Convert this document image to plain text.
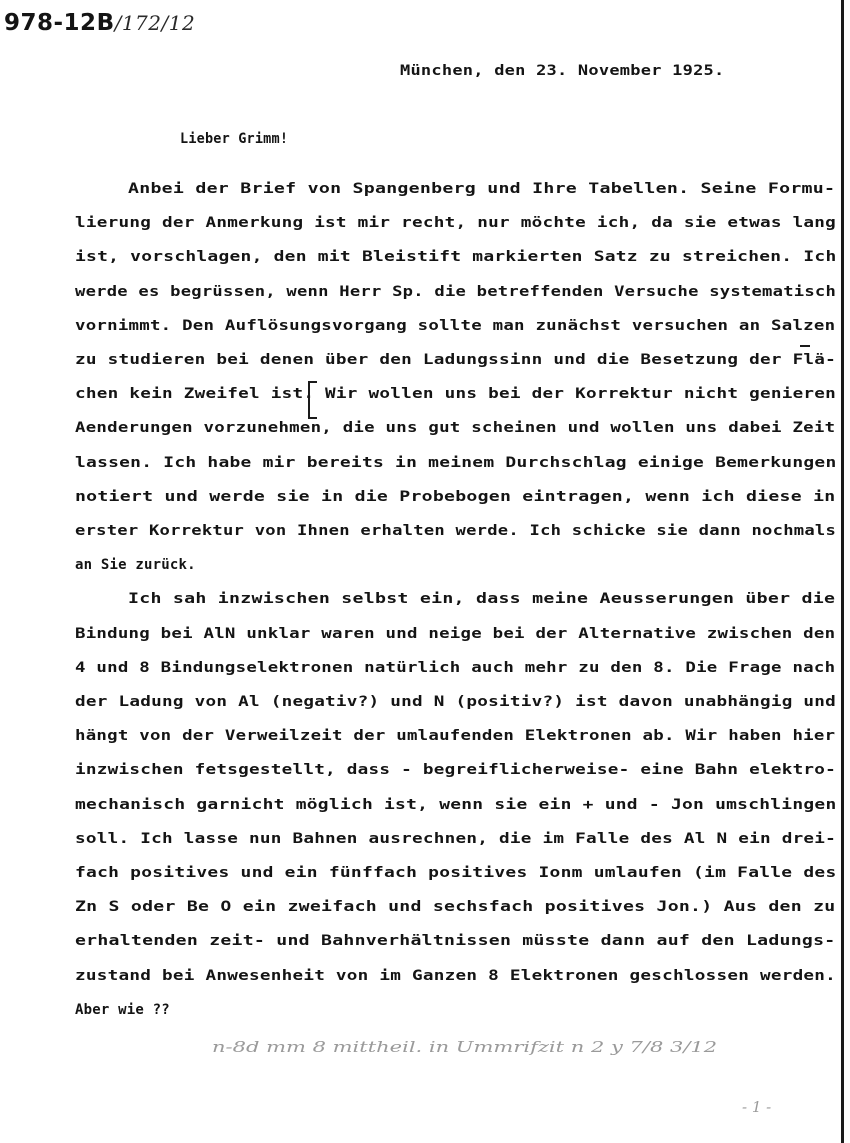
978-12B/172/12
München, den 23. November 1925.
Lieber Grimm!
Anbei der Brief von Spangenberg und Ihre Tabellen. Seine Formu-
lierung der Anmerkung ist mir recht, nur möchte ich, da sie etwas lang
ist, vorschlagen, den mit Bleistift markierten Satz zu streichen. Ich
werde es begrüssen, wenn Herr Sp. die betreffenden Versuche systematisch
vornimmt. Den Auflösungsvorgang sollte man zunächst versuchen an Salzen
zu studieren bei denen über den Ladungssinn und die Besetzung der Flä-
chen kein Zweifel ist. Wir wollen uns bei der Korrektur nicht genieren
Aenderungen vorzunehmen, die uns gut scheinen und wollen uns dabei Zeit
lassen. Ich habe mir bereits in meinem Durchschlag einige Bemerkungen
notiert und werde sie in die Probebogen eintragen, wenn ich diese in
erster Korrektur von Ihnen erhalten werde. Ich schicke sie dann nochmals
an Sie zurück.
Ich sah inzwischen selbst ein, dass meine Aeusserungen über die
Bindung bei AlN unklar waren und neige bei der Alternative zwischen den
4 und 8 Bindungselektronen natürlich auch mehr zu den 8. Die Frage nach
der Ladung von Al (negativ?) und N (positiv?) ist davon unabhängig und
hängt von der Verweilzeit der umlaufenden Elektronen ab. Wir haben hier
inzwischen fetsgestellt, dass - begreiflicherweise- eine Bahn elektro-
mechanisch garnicht möglich ist, wenn sie ein + und - Jon umschlingen
soll. Ich lasse nun Bahnen ausrechnen, die im Falle des Al N ein drei-
fach positives und ein fünffach positives Ionm umlaufen (im Falle des
Zn S oder Be O ein zweifach und sechsfach positives Jon.) Aus den zu
erhaltenden zeit- und Bahnverhältnissen müsste dann auf den Ladungs-
zustand bei Anwesenheit von im Ganzen 8 Elektronen geschlossen werden.
Aber wie ??
n-8d mm 8 mittheil. in Ummrifzit n 2 y 7/8 3/12
- 1 -
